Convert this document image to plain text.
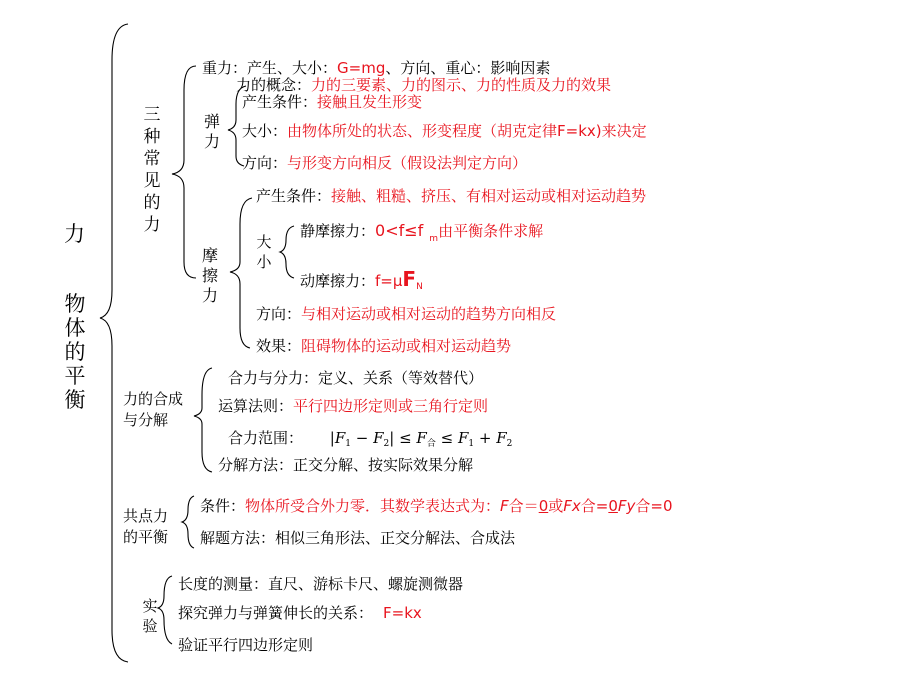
力
物体的平衡
三种常见的力
重力：产生、大小：G=mg、方向、重心：影响因素
弹力
力的概念：力的三要素、力的图示、力的性质及力的效果
产生条件：接触且发生形变
大小：由物体所处的状态、形变程度（胡克定律F=kx)来决定
方向：与形变方向相反（假设法判定方向）
摩擦力
产生条件：接触、粗糙、挤压、有相对运动或相对运动趋势
大小
静摩擦力：0<f≤f $_m$由平衡条件求解
动摩擦力：$f=\mu F_N$
方向：与相对运动或相对运动的趋势方向相反
效果：阻碍物体的运动或相对运动趋势
力的合成
与分解
合力与分力：定义、关系（等效替代）
运算法则：平行四边形定则或三角行定则
合力范围： $|F_1 - F_2| \le F_合 \le F_1 + F_2$
分解方法：正交分解、按实际效果分解
共点力
的平衡
条件：物体所受合外力零．其数学表达式为：F合＝0或Fx合=0Fy合=0
解题方法：相似三角形法、正交分解法、合成法
实验
长度的测量：直尺、游标卡尺、螺旋测微器
探究弹力与弹簧伸长的关系： F=kx
验证平行四边形定则
